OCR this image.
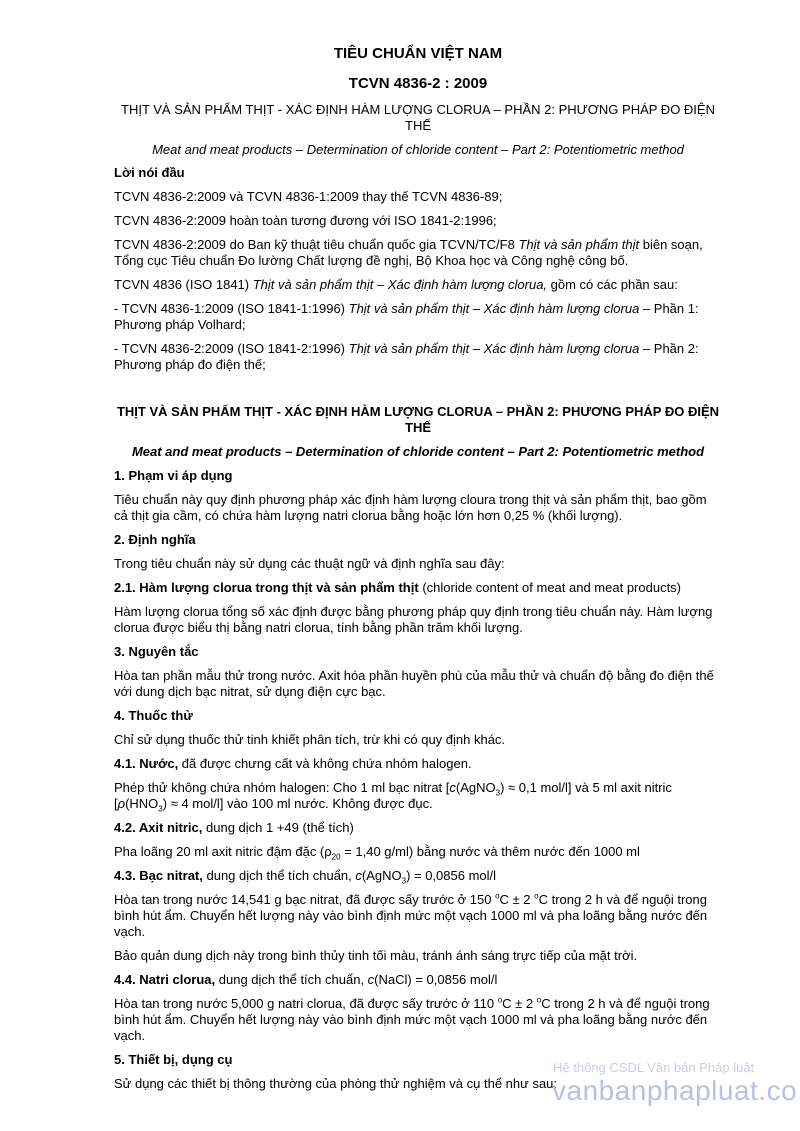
TIÊU CHUẨN VIỆT NAM
TCVN 4836-2 : 2009
THỊT VÀ SẢN PHẨM THỊT - XÁC ĐỊNH HÀM LƯỢNG CLORUA – PHẦN 2: PHƯƠNG PHÁP ĐO ĐIỆN THẾ
Meat and meat products – Determination of chloride content – Part 2: Potentiometric method
Lời nói đầu

TCVN 4836-2:2009 và TCVN 4836-1:2009 thay thế TCVN 4836-89;

TCVN 4836-2:2009 hoàn toàn tương đương với ISO 1841-2:1996;

TCVN 4836-2:2009 do Ban kỹ thuật tiêu chuẩn quốc gia TCVN/TC/F8 Thịt và sản phẩm thịt biên soạn, Tổng cục Tiêu chuẩn Đo lường Chất lượng đề nghị, Bộ Khoa học và Công nghệ công bố.

TCVN 4836 (ISO 1841) Thịt và sản phẩm thịt – Xác định hàm lượng clorua, gồm có các phần sau:

- TCVN 4836-1:2009 (ISO 1841-1:1996) Thịt và sản phẩm thịt – Xác định hàm lượng clorua – Phần 1: Phương pháp Volhard;

- TCVN 4836-2:2009 (ISO 1841-2:1996) Thịt và sản phẩm thịt – Xác định hàm lượng clorua – Phần 2: Phương pháp đo điện thế;

THỊT VÀ SẢN PHẨM THỊT - XÁC ĐỊNH HÀM LƯỢNG CLORUA – PHẦN 2: PHƯƠNG PHÁP ĐO ĐIỆN THẾ
Meat and meat products – Determination of chloride content – Part 2: Potentiometric method
1. Phạm vi áp dụng

Tiêu chuẩn này quy định phương pháp xác định hàm lượng cloura trong thịt và sản phẩm thịt, bao gồm cả thịt gia cầm, có chứa hàm lượng natri clorua bằng hoặc lớn hơn 0,25 % (khối lượng).

2. Định nghĩa

Trong tiêu chuẩn này sử dụng các thuật ngữ và định nghĩa sau đây:

2.1. Hàm lượng clorua trong thịt và sản phẩm thịt (chloride content of meat and meat products)

Hàm lượng clorua tổng số xác định được bằng phương pháp quy định trong tiêu chuẩn này. Hàm lượng clorua được biểu thị bằng natri clorua, tính bằng phần trăm khối lượng.

3. Nguyên tắc

Hòa tan phần mẫu thử trong nước. Axit hóa phần huyền phù của mẫu thử và chuẩn độ bằng đo điện thế với dung dịch bạc nitrat, sử dụng điện cực bạc.

4. Thuốc thử

Chỉ sử dụng thuốc thử tinh khiết phân tích, trừ khi có quy định khác.

4.1. Nước, đã được chưng cất và không chứa nhóm halogen.

Phép thử không chứa nhóm halogen: Cho 1 ml bạc nitrat [c(AgNO$_3$) ≈ 0,1 mol/l] và 5 ml axit nitric [$\rho(HNO_3) \approx 4$ mol/l] vào 100 ml nước. Không được đục.

4.2. Axit nitric, dung dịch 1 +49 (thể tích)

Pha loãng 20 ml axit nitric đậm đặc ($\rho_{20} = 1,40$ g/ml) bằng nước và thêm nước đến 1000 ml

4.3. Bạc nitrat, dung dịch thể tích chuẩn, c(AgNO$_3$) = 0,0856 mol/l

Hòa tan trong nước 14,541 g bạc nitrat, đã được sấy trước ở 150 $^o$C ± 2 $^o$C trong 2 h và để nguội trong bình hút ẩm. Chuyển hết lượng này vào bình định mức một vạch 1000 ml và pha loãng bằng nước đến vạch.

Bảo quản dung dịch này trong bình thủy tinh tối màu, tránh ánh sáng trực tiếp của mặt trời.

4.4. Natri clorua, dung dịch thể tích chuẩn, c(NaCl) = 0,0856 mol/l

Hòa tan trong nước 5,000 g natri clorua, đã được sấy trước ở 110 $^o$C ± 2 $^o$C trong 2 h và để nguội trong bình hút ẩm. Chuyển hết lượng này vào bình định mức một vạch 1000 ml và pha loãng bằng nước đến vạch.

5. Thiết bị, dụng cụ

Sử dụng các thiết bị thông thường của phòng thử nghiệm và cụ thể như sau:

Hệ thống CSDL Văn bản Pháp luật
vanbanphapluat.co
